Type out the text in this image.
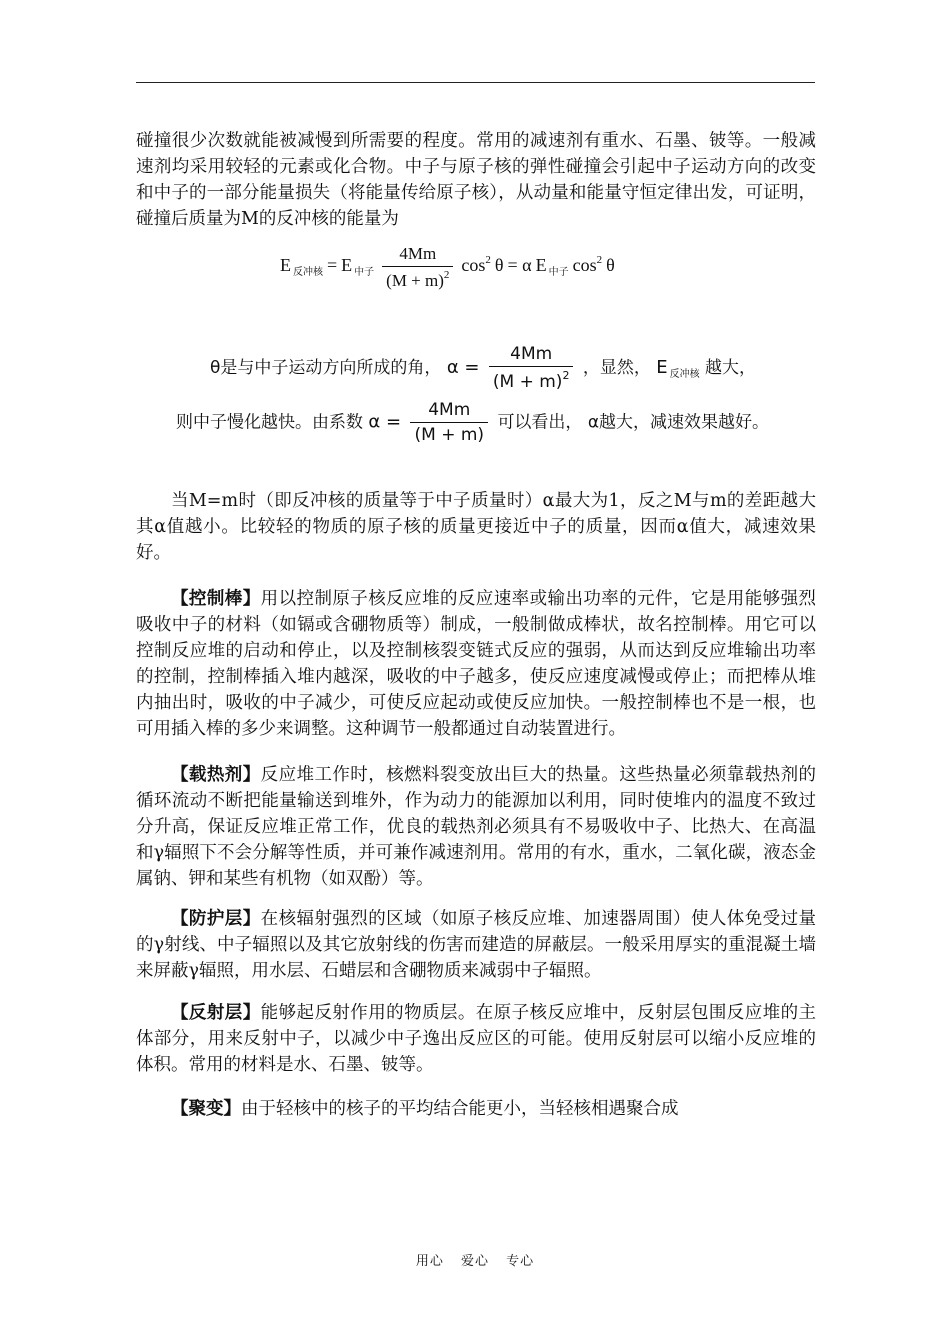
碰撞很少次数就能被减慢到所需要的程度。常用的减速剂有重水、石墨、铍等。一般减速剂均采用较轻的元素或化合物。中子与原子核的弹性碰撞会引起中子运动方向的改变和中子的一部分能量损失（将能量传给原子核），从动量和能量守恒定律出发，可证明，碰撞后质量为M的反冲核的能量为

E $_{反冲核}$ = E $_{中子} \frac{4Mm}{(M + m)^2} \cos^2 \theta = \alpha$ E $_{中子}$ $\cos^2 \theta$
θ是与中子运动方向所成的角， $\alpha = \frac{4Mm}{(M + m)^2}$ ，显然， E $_{反冲核}$ 越大，
则中子慢化越快。由系数 $\alpha = \frac{4Mm}{(M + m)}$ 可以看出， α越大，减速效果越好。

当M=m时（即反冲核的质量等于中子质量时）α最大为1，反之M与m的差距越大其α值越小。比较轻的物质的原子核的质量更接近中子的质量，因而α值大，减速效果好。

【控制棒】用以控制原子核反应堆的反应速率或输出功率的元件，它是用能够强烈吸收中子的材料（如镉或含硼物质等）制成，一般制做成棒状，故名控制棒。用它可以控制反应堆的启动和停止，以及控制核裂变链式反应的强弱，从而达到反应堆输出功率的控制，控制棒插入堆内越深，吸收的中子越多，使反应速度减慢或停止；而把棒从堆内抽出时，吸收的中子减少，可使反应起动或使反应加快。一般控制棒也不是一根，也可用插入棒的多少来调整。这种调节一般都通过自动装置进行。

【载热剂】反应堆工作时，核燃料裂变放出巨大的热量。这些热量必须靠载热剂的循环流动不断把能量输送到堆外，作为动力的能源加以利用，同时使堆内的温度不致过分升高，保证反应堆正常工作，优良的载热剂必须具有不易吸收中子、比热大、在高温和γ辐照下不会分解等性质，并可兼作减速剂用。常用的有水，重水，二氧化碳，液态金属钠、钾和某些有机物（如双酚）等。

【防护层】在核辐射强烈的区域（如原子核反应堆、加速器周围）使人体免受过量的γ射线、中子辐照以及其它放射线的伤害而建造的屏蔽层。一般采用厚实的重混凝土墙来屏蔽γ辐照，用水层、石蜡层和含硼物质来减弱中子辐照。

【反射层】能够起反射作用的物质层。在原子核反应堆中，反射层包围反应堆的主体部分，用来反射中子，以减少中子逸出反应区的可能。使用反射层可以缩小反应堆的体积。常用的材料是水、石墨、铍等。

【聚变】由于轻核中的核子的平均结合能更小，当轻核相遇聚合成

用心 爱心 专心
